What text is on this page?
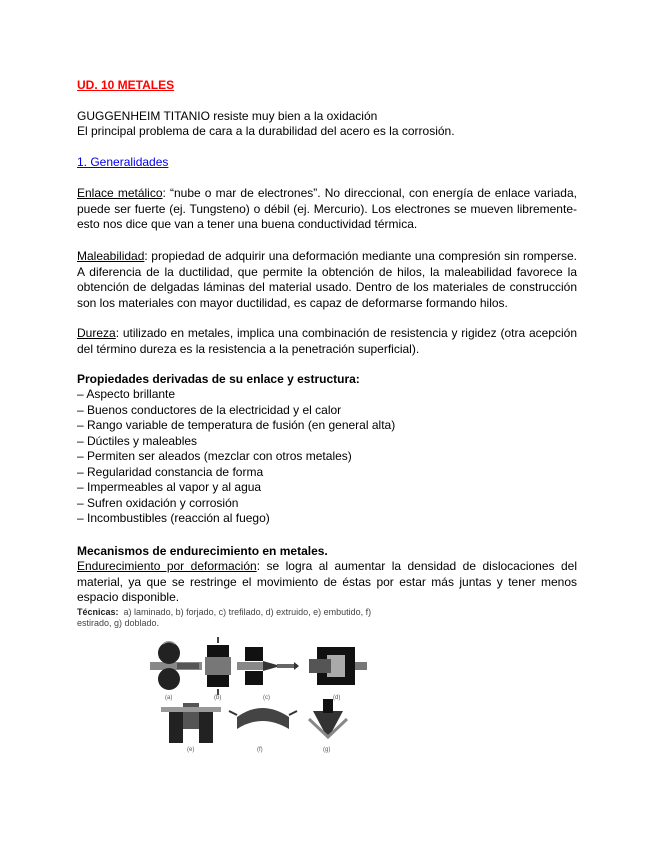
UD. 10 METALES
GUGGENHEIM TITANIO resiste muy bien a la oxidación
El principal problema de cara a la durabilidad del acero es la corrosión.
1. Generalidades
Enlace metálico: “nube o mar de electrones”. No direccional, con energía de enlace variada, puede ser fuerte (ej. Tungsteno) o débil (ej. Mercurio). Los electrones se mueven libremente-esto nos dice que van a tener una buena conductividad térmica.
Maleabilidad: propiedad de adquirir una deformación mediante una compresión sin romperse. A diferencia de la ductilidad, que permite la obtención de hilos, la maleabilidad favorece la obtención de delgadas láminas del material usado. Dentro de los materiales de construcción son los materiales con mayor ductilidad, es capaz de deformarse formando hilos.
Dureza: utilizado en metales, implica una combinación de resistencia y rigidez (otra acepción del término dureza es la resistencia a la penetración superficial).
Propiedades derivadas de su enlace y estructura:
– Aspecto brillante
– Buenos conductores de la electricidad y el calor
– Rango variable de temperatura de fusión (en general alta)
– Dúctiles y maleables
– Permiten ser aleados (mezclar con otros metales)
– Regularidad constancia de forma
– Impermeables al vapor y al agua
– Sufren oxidación y corrosión
– Incombustibles (reacción al fuego)
Mecanismos de endurecimiento en metales.
Endurecimiento por deformación: se logra al aumentar la densidad de dislocaciones del material, ya que se restringe el movimiento de éstas por estar más juntas y tener menos espacio disponible.
Técnicas: a) laminado, b) forjado, c) trefilado, d) extruido, e) embutido, f)
estirado, g) doblado.
(a)	(b)	(c)	(d)
(e)	(f)	(g)
